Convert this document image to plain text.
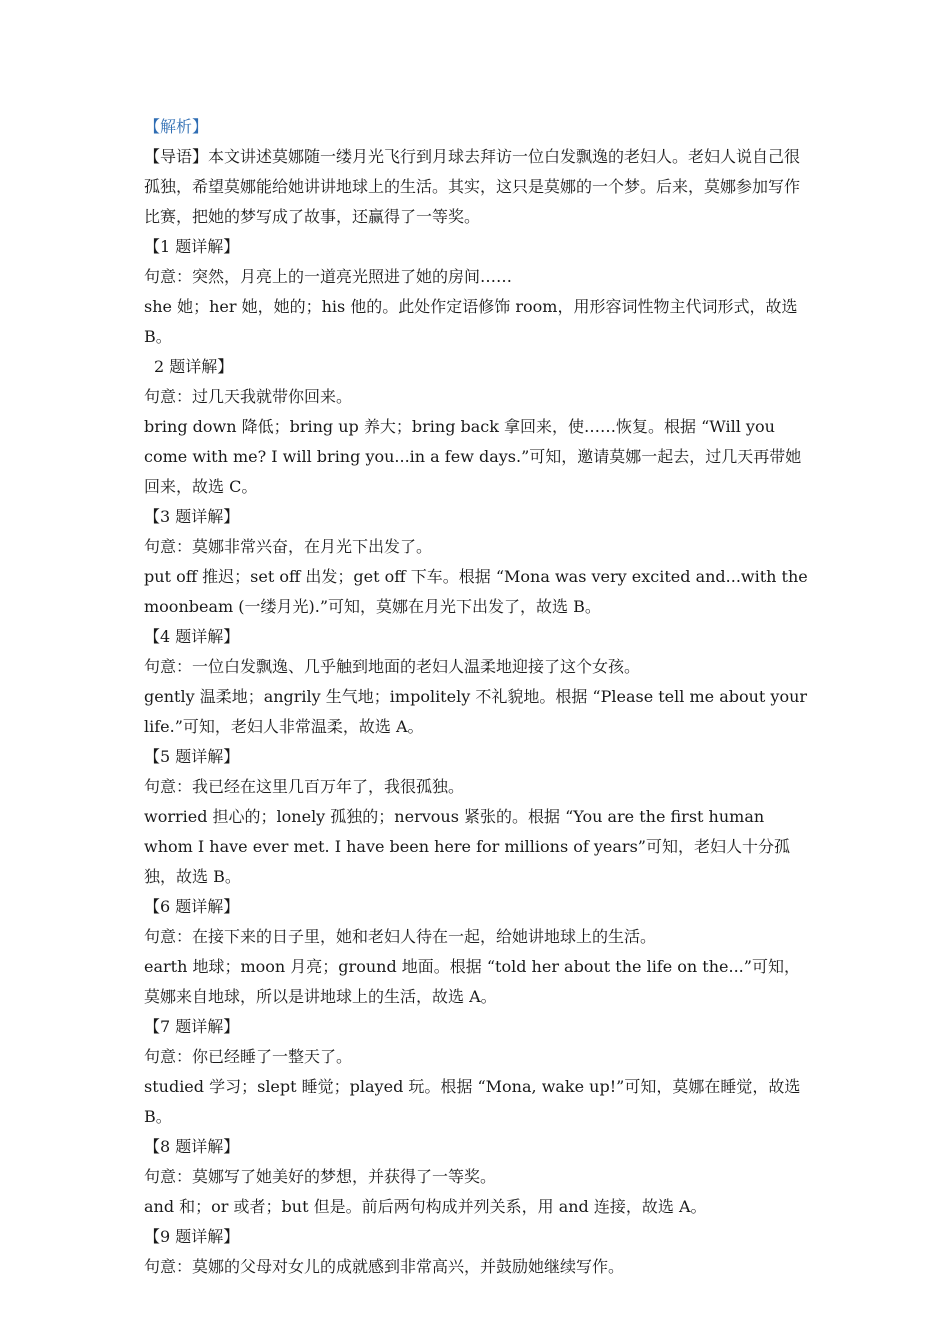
【解析】

【导语】本文讲述莫娜随一缕月光飞行到月球去拜访一位白发飘逸的老妇人。老妇人说自己很孤独，希望莫娜能给她讲讲地球上的生活。其实，这只是莫娜的一个梦。后来，莫娜参加写作比赛，把她的梦写成了故事，还赢得了一等奖。

【1 题详解】

句意：突然，月亮上的一道亮光照进了她的房间……

she 她；her 她，她的；his 他的。此处作定语修饰 room，用形容词性物主代词形式，故选 B。

2 题详解】

句意：过几天我就带你回来。

bring down 降低；bring up 养大；bring back 拿回来，使……恢复。根据 “Will you come with me? I will bring you...in a few days.”可知，邀请莫娜一起去，过几天再带她回来，故选 C。

【3 题详解】

句意：莫娜非常兴奋，在月光下出发了。

put off 推迟；set off 出发；get off 下车。根据 “Mona was very excited and...with the moonbeam (一缕月光).”可知，莫娜在月光下出发了，故选 B。

【4 题详解】

句意：一位白发飘逸、几乎触到地面的老妇人温柔地迎接了这个女孩。

gently 温柔地；angrily 生气地；impolitely 不礼貌地。根据 “Please tell me about your life.”可知，老妇人非常温柔，故选 A。

【5 题详解】

句意：我已经在这里几百万年了，我很孤独。

worried 担心的；lonely 孤独的；nervous 紧张的。根据 “You are the first human whom I have ever met. I have been here for millions of years”可知，老妇人十分孤独，故选 B。

【6 题详解】

句意：在接下来的日子里，她和老妇人待在一起，给她讲地球上的生活。

earth 地球；moon 月亮；ground 地面。根据 “told her about the life on the...”可知，莫娜来自地球，所以是讲地球上的生活，故选 A。

【7 题详解】

句意：你已经睡了一整天了。

studied 学习；slept 睡觉；played 玩。根据 “Mona, wake up!”可知，莫娜在睡觉，故选 B。

【8 题详解】

句意：莫娜写了她美好的梦想，并获得了一等奖。

and 和；or 或者；but 但是。前后两句构成并列关系，用 and 连接，故选 A。

【9 题详解】

句意：莫娜的父母对女儿的成就感到非常高兴，并鼓励她继续写作。
